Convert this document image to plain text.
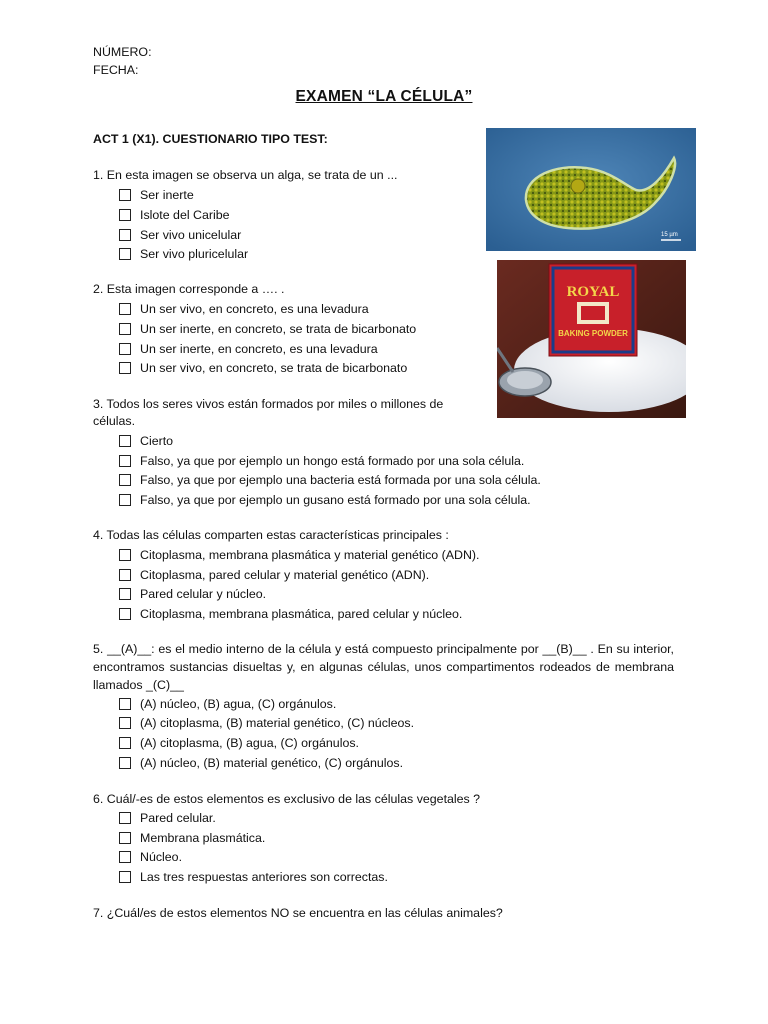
NÚMERO:
FECHA:
EXAMEN “LA CÉLULA”
ACT 1 (X1). CUESTIONARIO TIPO TEST:
15 µm
ROYAL
BAKING POWDER
1. En esta imagen se observa un alga, se trata de un ...
Ser inerte
Islote del Caribe
Ser vivo unicelular
Ser vivo pluricelular
2. Esta imagen corresponde a …. .
Un ser vivo, en concreto, es una levadura
Un ser inerte, en concreto, se trata de bicarbonato
Un ser inerte, en concreto, es una levadura
Un ser vivo, en concreto, se trata de bicarbonato
3. Todos los seres vivos están formados por miles o millones de
células.
Cierto
Falso, ya que por ejemplo un hongo está formado por una sola célula.
Falso, ya que por ejemplo una bacteria está formada por una sola célula.
Falso, ya que por ejemplo un gusano está formado por una sola célula.
4. Todas las células comparten estas características principales :
Citoplasma, membrana plasmática y material genético (ADN).
Citoplasma, pared celular y material genético (ADN).
Pared celular y núcleo.
Citoplasma, membrana plasmática, pared celular y núcleo.
5. __(A)__: es el medio interno de la célula y está compuesto principalmente por __(B)__ . En su interior, encontramos sustancias disueltas y, en algunas células, unos compartimentos rodeados de membrana llamados _(C)__
(A) núcleo, (B) agua, (C) orgánulos.
(A) citoplasma, (B) material genético, (C) núcleos.
(A) citoplasma, (B) agua, (C) orgánulos.
(A) núcleo, (B) material genético, (C) orgánulos.
6. Cuál/-es de estos elementos es exclusivo de las células vegetales ?
Pared celular.
Membrana plasmática.
Núcleo.
Las tres respuestas anteriores son correctas.
7. ¿Cuál/es de estos elementos NO se encuentra en las células animales?
